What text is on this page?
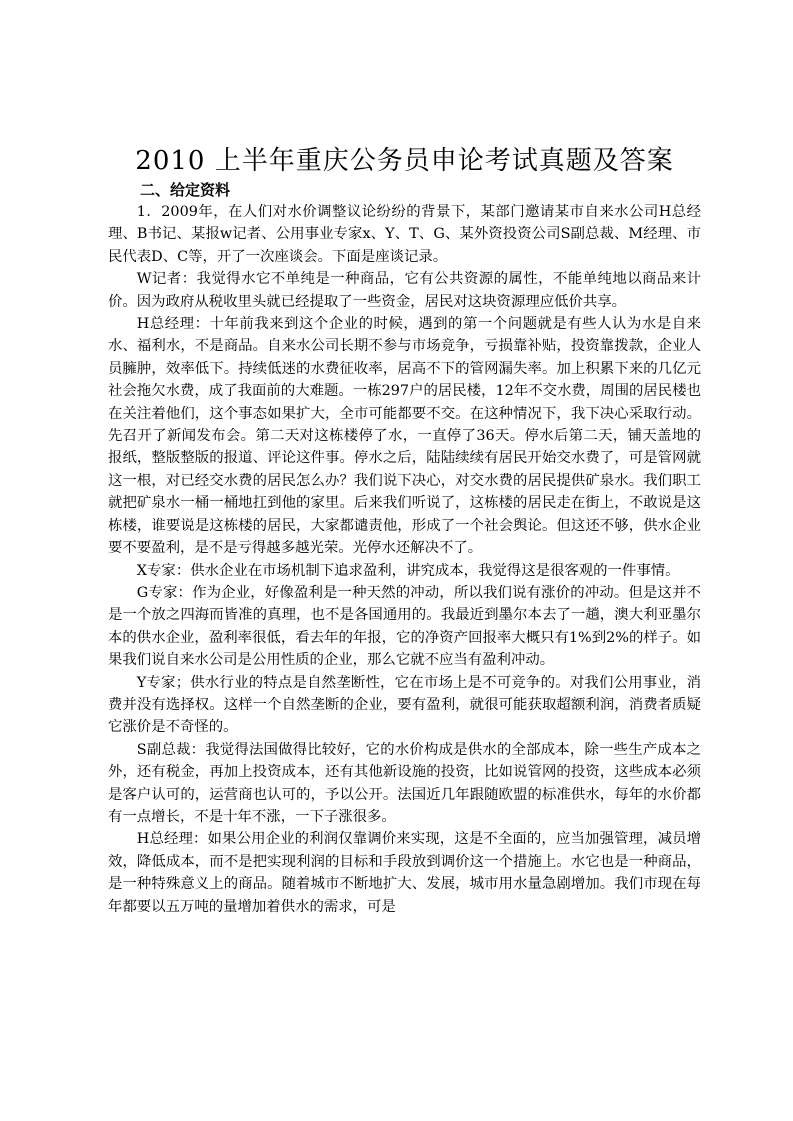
2010 上半年重庆公务员申论考试真题及答案
二、给定资料

1．2009年，在人们对水价调整议论纷纷的背景下，某部门邀请某市自来水公司H总经理、B书记、某报w记者、公用事业专家x、Y、T、G、某外资投资公司S副总裁、M经理、市民代表D、C等，开了一次座谈会。下面是座谈记录。

W记者：我觉得水它不单纯是一种商品，它有公共资源的属性，不能单纯地以商品来计价。因为政府从税收里头就已经提取了一些资金，居民对这块资源理应低价共享。

H总经理：十年前我来到这个企业的时候，遇到的第一个问题就是有些人认为水是自来水、福利水，不是商品。自来水公司长期不参与市场竞争，亏损靠补贴，投资靠拨款，企业人员臃肿，效率低下。持续低迷的水费征收率，居高不下的管网漏失率。加上积累下来的几亿元社会拖欠水费，成了我面前的大难题。一栋297户的居民楼，12年不交水费，周围的居民楼也在关注着他们，这个事态如果扩大，全市可能都要不交。在这种情况下，我下决心采取行动。先召开了新闻发布会。第二天对这栋楼停了水，一直停了36天。停水后第二天，铺天盖地的报纸，整版整版的报道、评论这件事。停水之后，陆陆续续有居民开始交水费了，可是管网就这一根，对已经交水费的居民怎么办？我们说下决心，对交水费的居民提供矿泉水。我们职工就把矿泉水一桶一桶地扛到他的家里。后来我们听说了，这栋楼的居民走在街上，不敢说是这栋楼，谁要说是这栋楼的居民，大家都谴责他，形成了一个社会舆论。但这还不够，供水企业要不要盈利，是不是亏得越多越光荣。光停水还解决不了。

X专家：供水企业在市场机制下追求盈利，讲究成本，我觉得这是很客观的一件事情。

G专家：作为企业，好像盈利是一种天然的冲动，所以我们说有涨价的冲动。但是这并不是一个放之四海而皆准的真理，也不是各国通用的。我最近到墨尔本去了一趟，澳大利亚墨尔本的供水企业，盈利率很低，看去年的年报，它的净资产回报率大概只有1%到2%的样子。如果我们说自来水公司是公用性质的企业，那么它就不应当有盈利冲动。

Y专家；供水行业的特点是自然垄断性，它在市场上是不可竞争的。对我们公用事业，消费并没有选择权。这样一个自然垄断的企业，要有盈利，就很可能获取超额利润，消费者质疑它涨价是不奇怪的。

S副总裁：我觉得法国做得比较好，它的水价构成是供水的全部成本，除一些生产成本之外，还有税金，再加上投资成本，还有其他新设施的投资，比如说管网的投资，这些成本必须是客户认可的，运营商也认可的，予以公开。法国近几年跟随欧盟的标准供水，每年的水价都有一点增长，不是十年不涨，一下子涨很多。

H总经理：如果公用企业的利润仅靠调价来实现，这是不全面的，应当加强管理，减员增效，降低成本，而不是把实现利润的目标和手段放到调价这一个措施上。水它也是一种商品，是一种特殊意义上的商品。随着城市不断地扩大、发展，城市用水量急剧增加。我们市现在每年都要以五万吨的量增加着供水的需求，可是
